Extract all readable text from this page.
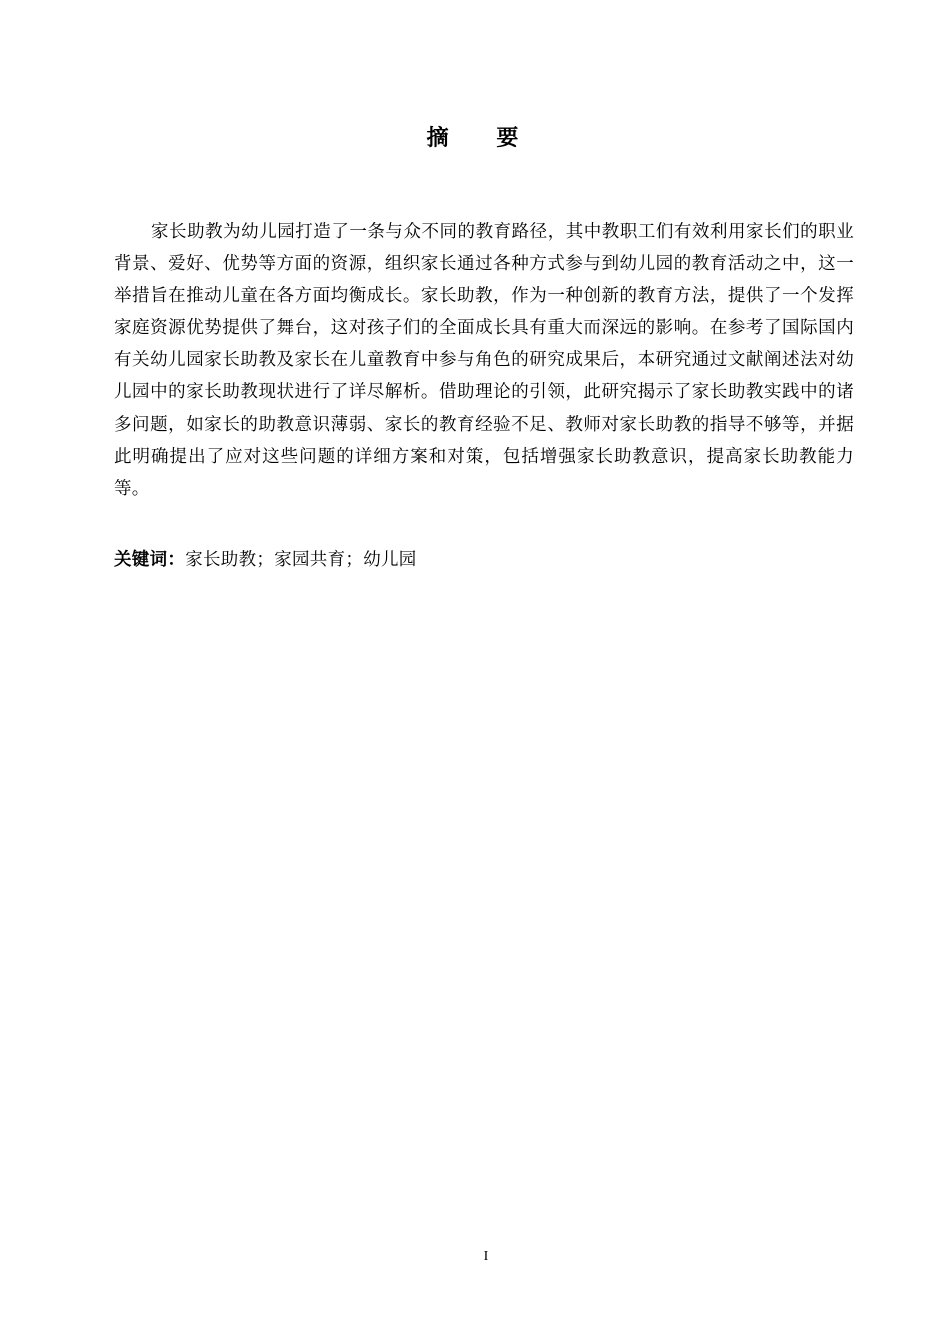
摘 要

家长助教为幼儿园打造了一条与众不同的教育路径，其中教职工们有效利用家长们的职业背景、爱好、优势等方面的资源，组织家长通过各种方式参与到幼儿园的教育活动之中，这一举措旨在推动儿童在各方面均衡成长。家长助教，作为一种创新的教育方法，提供了一个发挥家庭资源优势提供了舞台，这对孩子们的全面成长具有重大而深远的影响。在参考了国际国内有关幼儿园家长助教及家长在儿童教育中参与角色的研究成果后，本研究通过文献阐述法对幼儿园中的家长助教现状进行了详尽解析。借助理论的引领，此研究揭示了家长助教实践中的诸多问题，如家长的助教意识薄弱、家长的教育经验不足、教师对家长助教的指导不够等，并据此明确提出了应对这些问题的详细方案和对策，包括增强家长助教意识，提高家长助教能力等。

关键词：家长助教；家园共育；幼儿园
I
